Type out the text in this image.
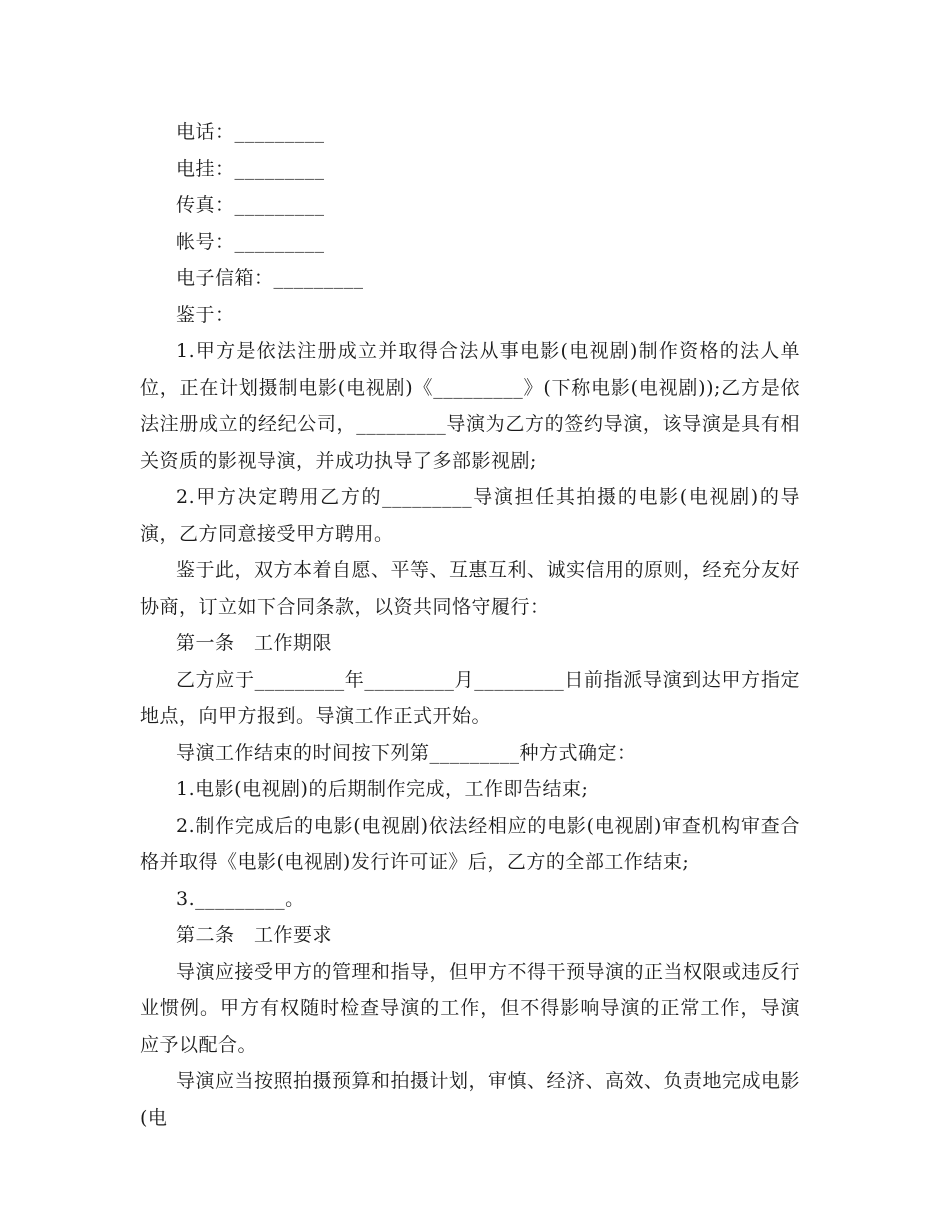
电话：_________

电挂：_________

传真：_________

帐号：_________

电子信箱：_________

鉴于：

1.甲方是依法注册成立并取得合法从事电影(电视剧)制作资格的法人单位，正在计划摄制电影(电视剧)《_________》(下称电影(电视剧));乙方是依法注册成立的经纪公司，_________导演为乙方的签约导演，该导演是具有相关资质的影视导演，并成功执导了多部影视剧;

2.甲方决定聘用乙方的_________导演担任其拍摄的电影(电视剧)的导演，乙方同意接受甲方聘用。

鉴于此，双方本着自愿、平等、互惠互利、诚实信用的原则，经充分友好协商，订立如下合同条款，以资共同恪守履行：

第一条　工作期限

乙方应于_________年_________月_________日前指派导演到达甲方指定地点，向甲方报到。导演工作正式开始。

导演工作结束的时间按下列第_________种方式确定：

1.电影(电视剧)的后期制作完成，工作即告结束;

2.制作完成后的电影(电视剧)依法经相应的电影(电视剧)审查机构审查合格并取得《电影(电视剧)发行许可证》后，乙方的全部工作结束;

3._________。

第二条　工作要求

导演应接受甲方的管理和指导，但甲方不得干预导演的正当权限或违反行业惯例。甲方有权随时检查导演的工作，但不得影响导演的正常工作，导演应予以配合。

导演应当按照拍摄预算和拍摄计划，审慎、经济、高效、负责地完成电影(电
